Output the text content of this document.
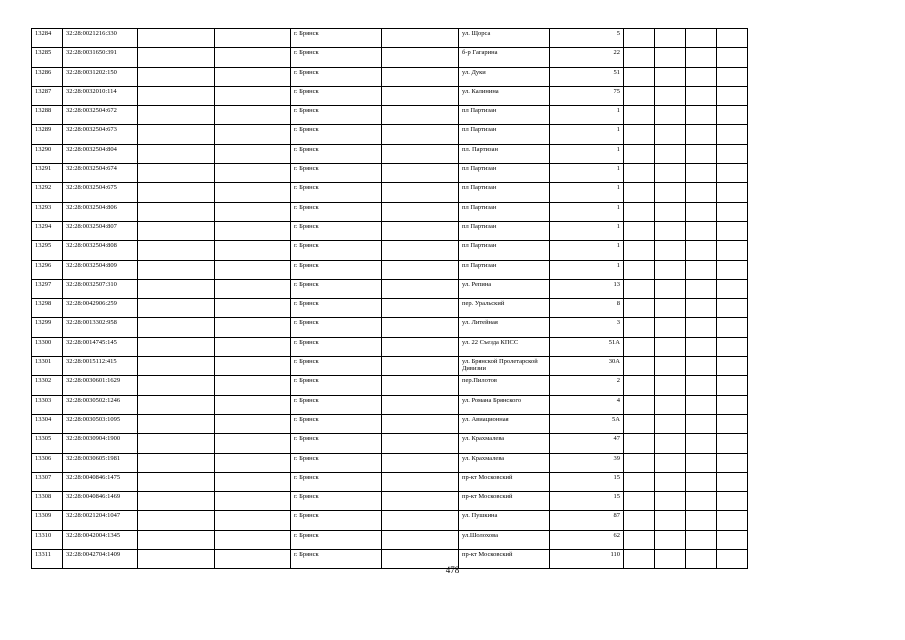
13284	32:28:0021216:330			г. Брянск		ул. Щорса	5				
13285	32:28:0031650:391			г. Брянск		б-р Гагарина	22				
13286	32:28:0031202:150			г. Брянск		ул. Дуки	51				
13287	32:28:0032010:114			г. Брянск		ул. Калинина	75				
13288	32:28:0032504:672			г. Брянск		пл Партизан	1				
13289	32:28:0032504:673			г. Брянск		пл Партизан	1				
13290	32:28:0032504:804			г. Брянск		пл. Партизан	1				
13291	32:28:0032504:674			г. Брянск		пл Партизан	1				
13292	32:28:0032504:675			г. Брянск		пл Партизан	1				
13293	32:28:0032504:806			г. Брянск		пл Партизан	1				
13294	32:28:0032504:807			г. Брянск		пл Партизан	1				
13295	32:28:0032504:808			г. Брянск		пл Партизан	1				
13296	32:28:0032504:809			г. Брянск		пл Партизан	1				
13297	32:28:0032507:310			г. Брянск		ул. Репина	13				
13298	32:28:0042906:259			г. Брянск		пер. Уральский	8				
13299	32:28:0013302:958			г. Брянск		ул. Литейная	3				
13300	32:28:0014745:145			г. Брянск		ул. 22 Съезда КПСС	51А				
13301	32:28:0015112:415			г. Брянск		ул. Брянской Пролетарской Дивизии	30А				
13302	32:28:0030601:1629			г. Брянск		пер.Пилотов	2				
13303	32:28:0030502:1246			г. Брянск		ул. Романа Брянского	4				
13304	32:28:0030503:1095			г. Брянск		ул. Авиационная	5А				
13305	32:28:0030904:1900			г. Брянск		ул. Крахмалева	47				
13306	32:28:0030605:1981			г. Брянск		ул. Крахмалева	39				
13307	32:28:0040846:1475			г. Брянск		пр-кт Московский	15				
13308	32:28:0040846:1469			г. Брянск		пр-кт Московский	15				
13309	32:28:0021204:1047			г. Брянск		ул. Пушкина	87				
13310	32:28:0042004:1345			г. Брянск		ул.Шолохова	62				
13311	32:28:0042704:1409			г. Брянск		пр-кт Московский	110				
478
